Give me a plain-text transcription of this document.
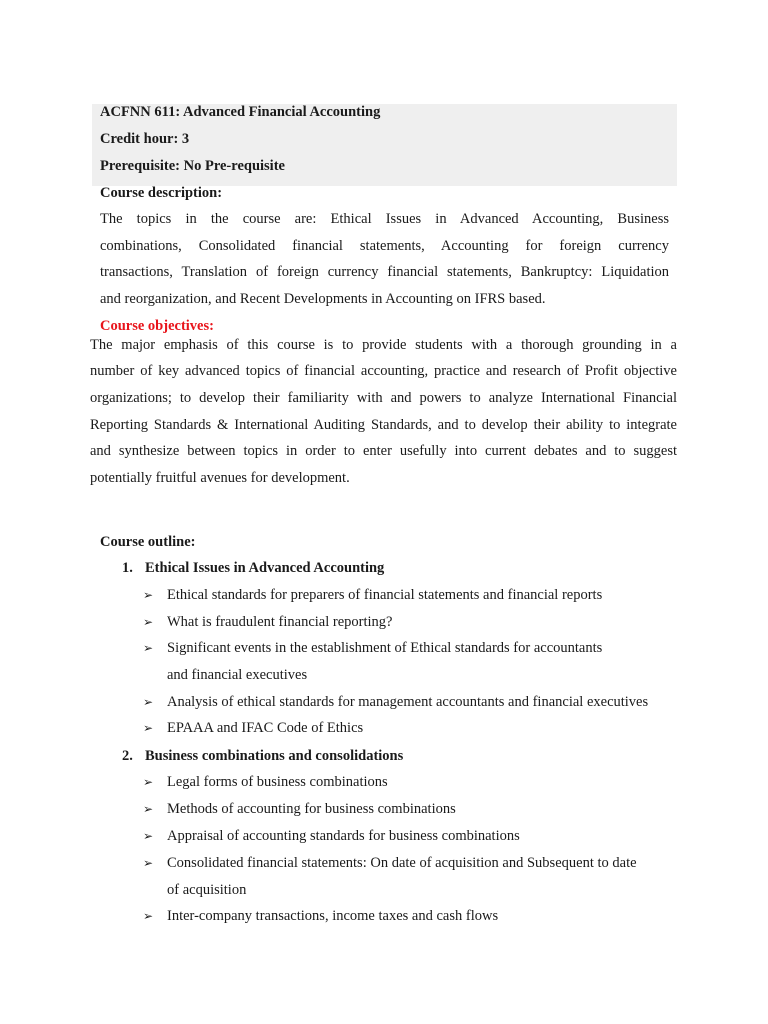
ACFNN 611: Advanced Financial Accounting
Credit hour: 3
Prerequisite: No Pre-requisite
Course description:
The topics in the course are: Ethical Issues in Advanced Accounting, Business
combinations, Consolidated financial statements, Accounting for foreign currency
transactions, Translation of foreign currency financial statements, Bankruptcy: Liquidation
and reorganization, and Recent Developments in Accounting on IFRS based.
Course objectives:
The major emphasis of this course is to provide students with a thorough grounding in a
number of key advanced topics of financial accounting, practice and research of Profit objective
organizations; to develop their familiarity with and powers to analyze International Financial
Reporting Standards & International Auditing Standards, and to develop their ability to integrate
and synthesize between topics in order to enter usefully into current debates and to suggest
potentially fruitful avenues for development.
Course outline:
1. Ethical Issues in Advanced Accounting
➢ Ethical standards for preparers of financial statements and financial reports
➢ What is fraudulent financial reporting?
➢ Significant events in the establishment of Ethical standards for accountants
and financial executives
➢ Analysis of ethical standards for management accountants and financial executives
➢ EPAAA and IFAC Code of Ethics
2. Business combinations and consolidations
➢ Legal forms of business combinations
➢ Methods of accounting for business combinations
➢ Appraisal of accounting standards for business combinations
➢ Consolidated financial statements: On date of acquisition and Subsequent to date
of acquisition
➢ Inter-company transactions, income taxes and cash flows
